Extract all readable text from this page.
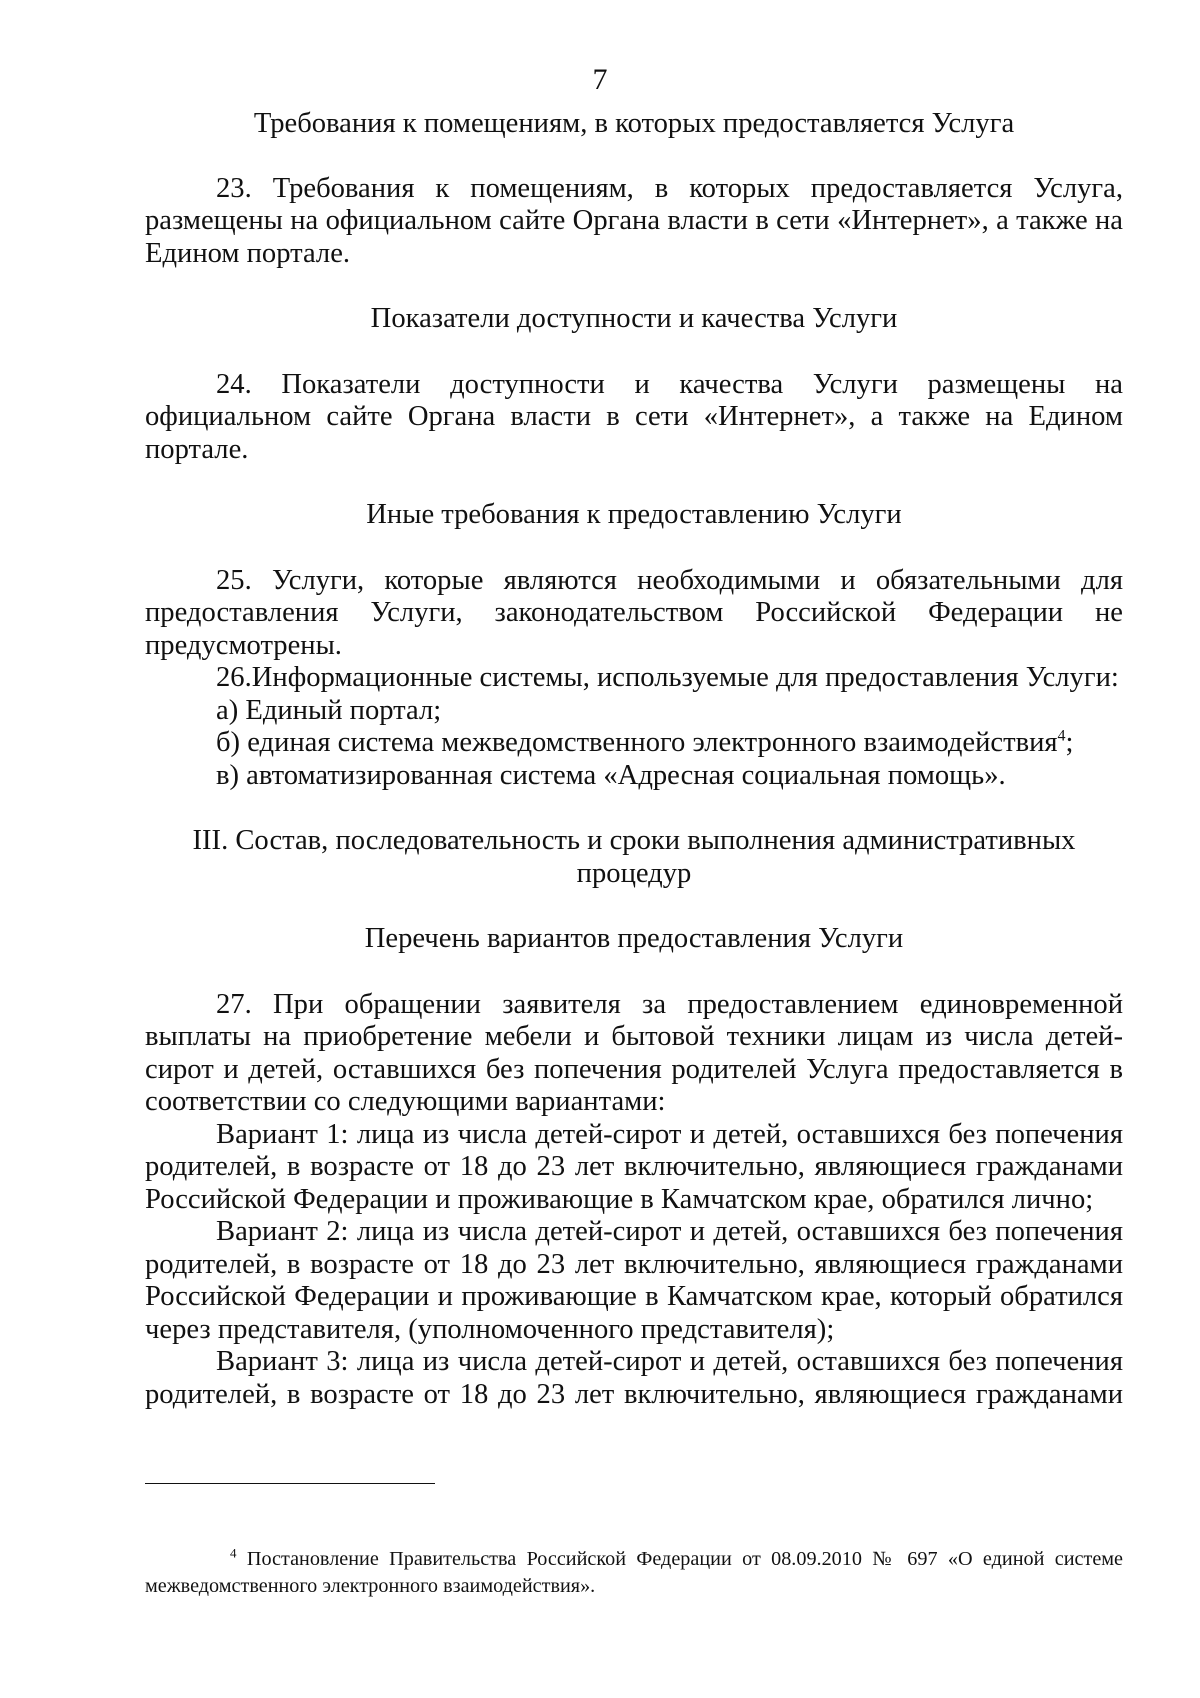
7

Требования к помещениям, в которых предоставляется Услуга

23. Требования к помещениям, в которых предоставляется Услуга, размещены на официальном сайте Органа власти в сети «Интернет», а также на Едином портале.

Показатели доступности и качества Услуги

24. Показатели доступности и качества Услуги размещены на официальном сайте Органа власти в сети «Интернет», а также на Едином портале.

Иные требования к предоставлению Услуги

25. Услуги, которые являются необходимыми и обязательными для предоставления Услуги, законодательством Российской Федерации не предусмотрены.

26.Информационные системы, используемые для предоставления Услуги:

а) Единый портал;

б) единая система межведомственного электронного взаимодействия$^4$;

в) автоматизированная система «Адресная социальная помощь».

III. Состав, последовательность и сроки выполнения административных
процедур

Перечень вариантов предоставления Услуги

27. При обращении заявителя за предоставлением единовременной выплаты на приобретение мебели и бытовой техники лицам из числа детей-сирот и детей, оставшихся без попечения родителей Услуга предоставляется в соответствии со следующими вариантами:

Вариант 1: лица из числа детей-сирот и детей, оставшихся без попечения родителей, в возрасте от 18 до 23 лет включительно, являющиеся гражданами Российской Федерации и проживающие в Камчатском крае, обратился лично;

Вариант 2: лица из числа детей-сирот и детей, оставшихся без попечения родителей, в возрасте от 18 до 23 лет включительно, являющиеся гражданами Российской Федерации и проживающие в Камчатском крае, который обратился через представителя, (уполномоченного представителя);

Вариант 3: лица из числа детей-сирот и детей, оставшихся без попечения родителей, в возрасте от 18 до 23 лет включительно, являющиеся гражданами

$^4$ Постановление Правительства Российской Федерации от 08.09.2010 № 697 «О единой системе межведомственного электронного взаимодействия».
